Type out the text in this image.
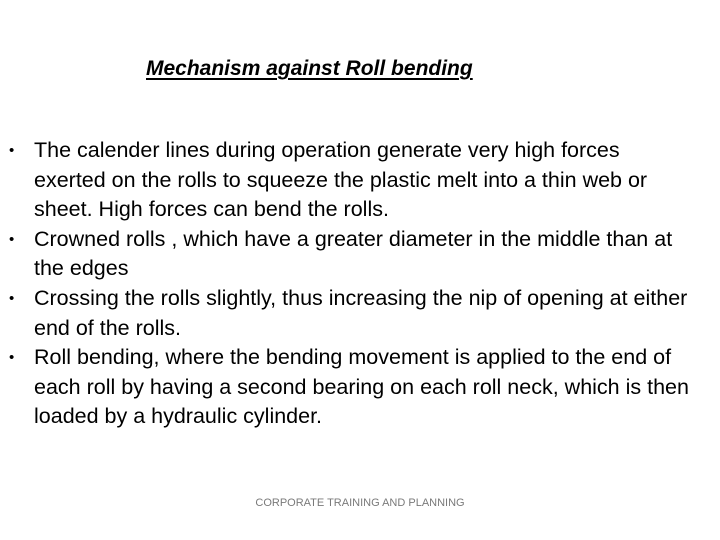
Mechanism against Roll bending
• The calender lines during operation generate very high forces exerted on the rolls to squeeze the plastic melt into a thin web or sheet. High forces can bend the rolls.
• Crowned rolls , which have a greater diameter in the middle than at the edges
• Crossing the rolls slightly, thus increasing the nip of opening at either end of the rolls.
• Roll bending, where the bending movement is applied to the end of each roll by having a second bearing on each roll neck, which is then loaded by a hydraulic cylinder.
CORPORATE TRAINING AND PLANNING
